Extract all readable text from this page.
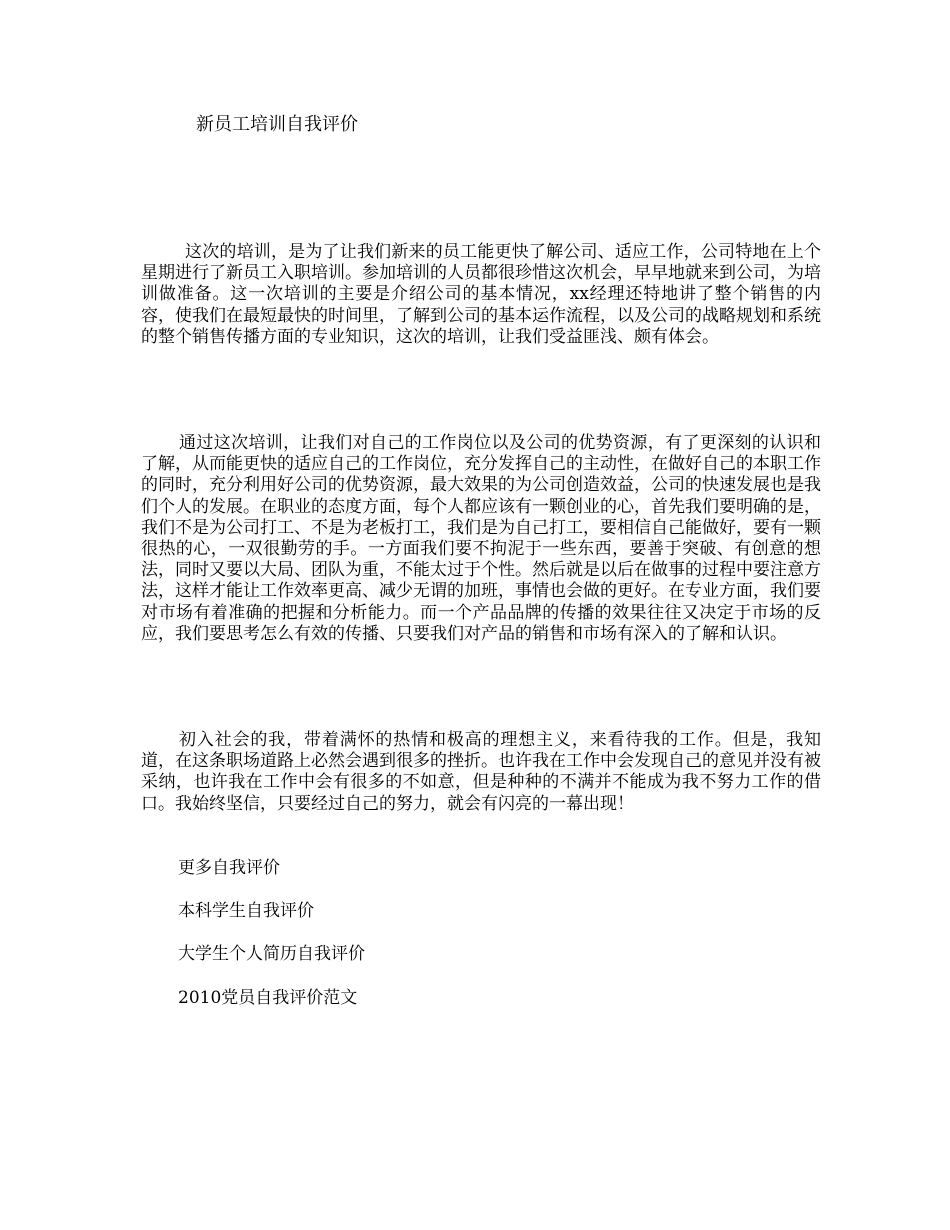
新员工培训自我评价

这次的培训，是为了让我们新来的员工能更快了解公司、适应工作，公司特地在上个星期进行了新员工入职培训。参加培训的人员都很珍惜这次机会，早早地就来到公司，为培训做准备。这一次培训的主要是介绍公司的基本情况，xx经理还特地讲了整个销售的内容，使我们在最短最快的时间里，了解到公司的基本运作流程，以及公司的战略规划和系统的整个销售传播方面的专业知识，这次的培训，让我们受益匪浅、颇有体会。

通过这次培训，让我们对自己的工作岗位以及公司的优势资源，有了更深刻的认识和了解，从而能更快的适应自己的工作岗位，充分发挥自己的主动性，在做好自己的本职工作的同时，充分利用好公司的优势资源，最大效果的为公司创造效益，公司的快速发展也是我们个人的发展。在职业的态度方面，每个人都应该有一颗创业的心，首先我们要明确的是，我们不是为公司打工、不是为老板打工，我们是为自己打工，要相信自己能做好，要有一颗很热的心，一双很勤劳的手。一方面我们要不拘泥于一些东西，要善于突破、有创意的想法，同时又要以大局、团队为重，不能太过于个性。然后就是以后在做事的过程中要注意方法，这样才能让工作效率更高、减少无谓的加班，事情也会做的更好。在专业方面，我们要对市场有着准确的把握和分析能力。而一个产品品牌的传播的效果往往又决定于市场的反应，我们要思考怎么有效的传播、只要我们对产品的销售和市场有深入的了解和认识。

初入社会的我，带着满怀的热情和极高的理想主义，来看待我的工作。但是，我知道，在这条职场道路上必然会遇到很多的挫折。也许我在工作中会发现自己的意见并没有被采纳，也许我在工作中会有很多的不如意，但是种种的不满并不能成为我不努力工作的借口。我始终坚信，只要经过自己的努力，就会有闪亮的一幕出现！

更多自我评价
本科学生自我评价
大学生个人简历自我评价
2010党员自我评价范文
